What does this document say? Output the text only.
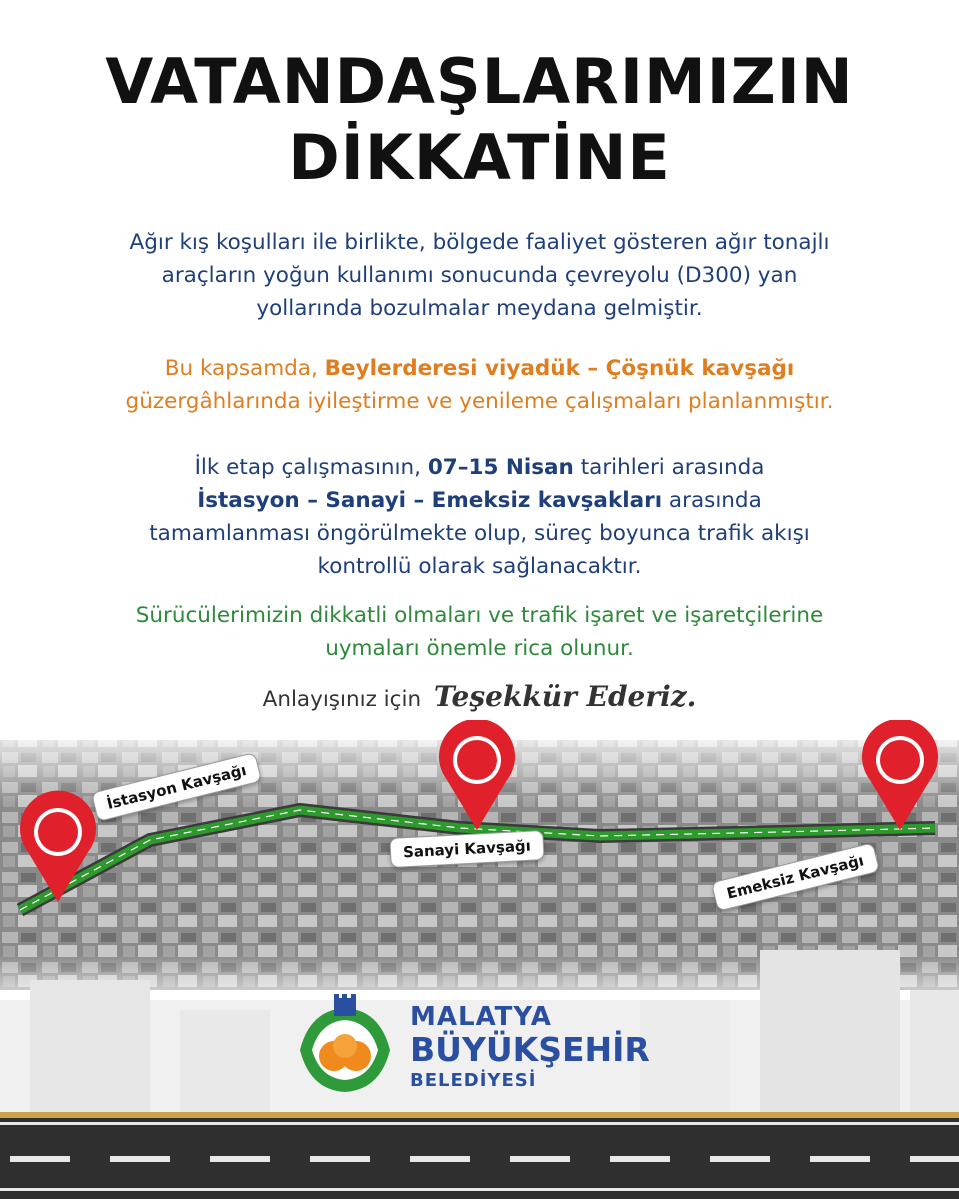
VATANDAŞLARIMIZIN
DİKKATİNE
Ağır kış koşulları ile birlikte, bölgede faaliyet gösteren ağır tonajlı
araçların yoğun kullanımı sonucunda çevreyolu (D300) yan
yollarında bozulmalar meydana gelmiştir.
Bu kapsamda, Beylerderesi viyadük – Çöşnük kavşağı
güzergâhlarında iyileştirme ve yenileme çalışmaları planlanmıştır.
İlk etap çalışmasının, 07–15 Nisan tarihleri arasında
İstasyon – Sanayi – Emeksiz kavşakları arasında
tamamlanması öngörülmekte olup, süreç boyunca trafik akışı
kontrollü olarak sağlanacaktır.
Sürücülerimizin dikkatli olmaları ve trafik işaret ve işaretçilerine
uymaları önemle rica olunur.
Anlayışınız için Teşekkür Ederiz.
İstasyon Kavşağı
Sanayi Kavşağı
Emeksiz Kavşağı
MALATYA
BÜYÜKŞEHİR
BELEDİYESİ
